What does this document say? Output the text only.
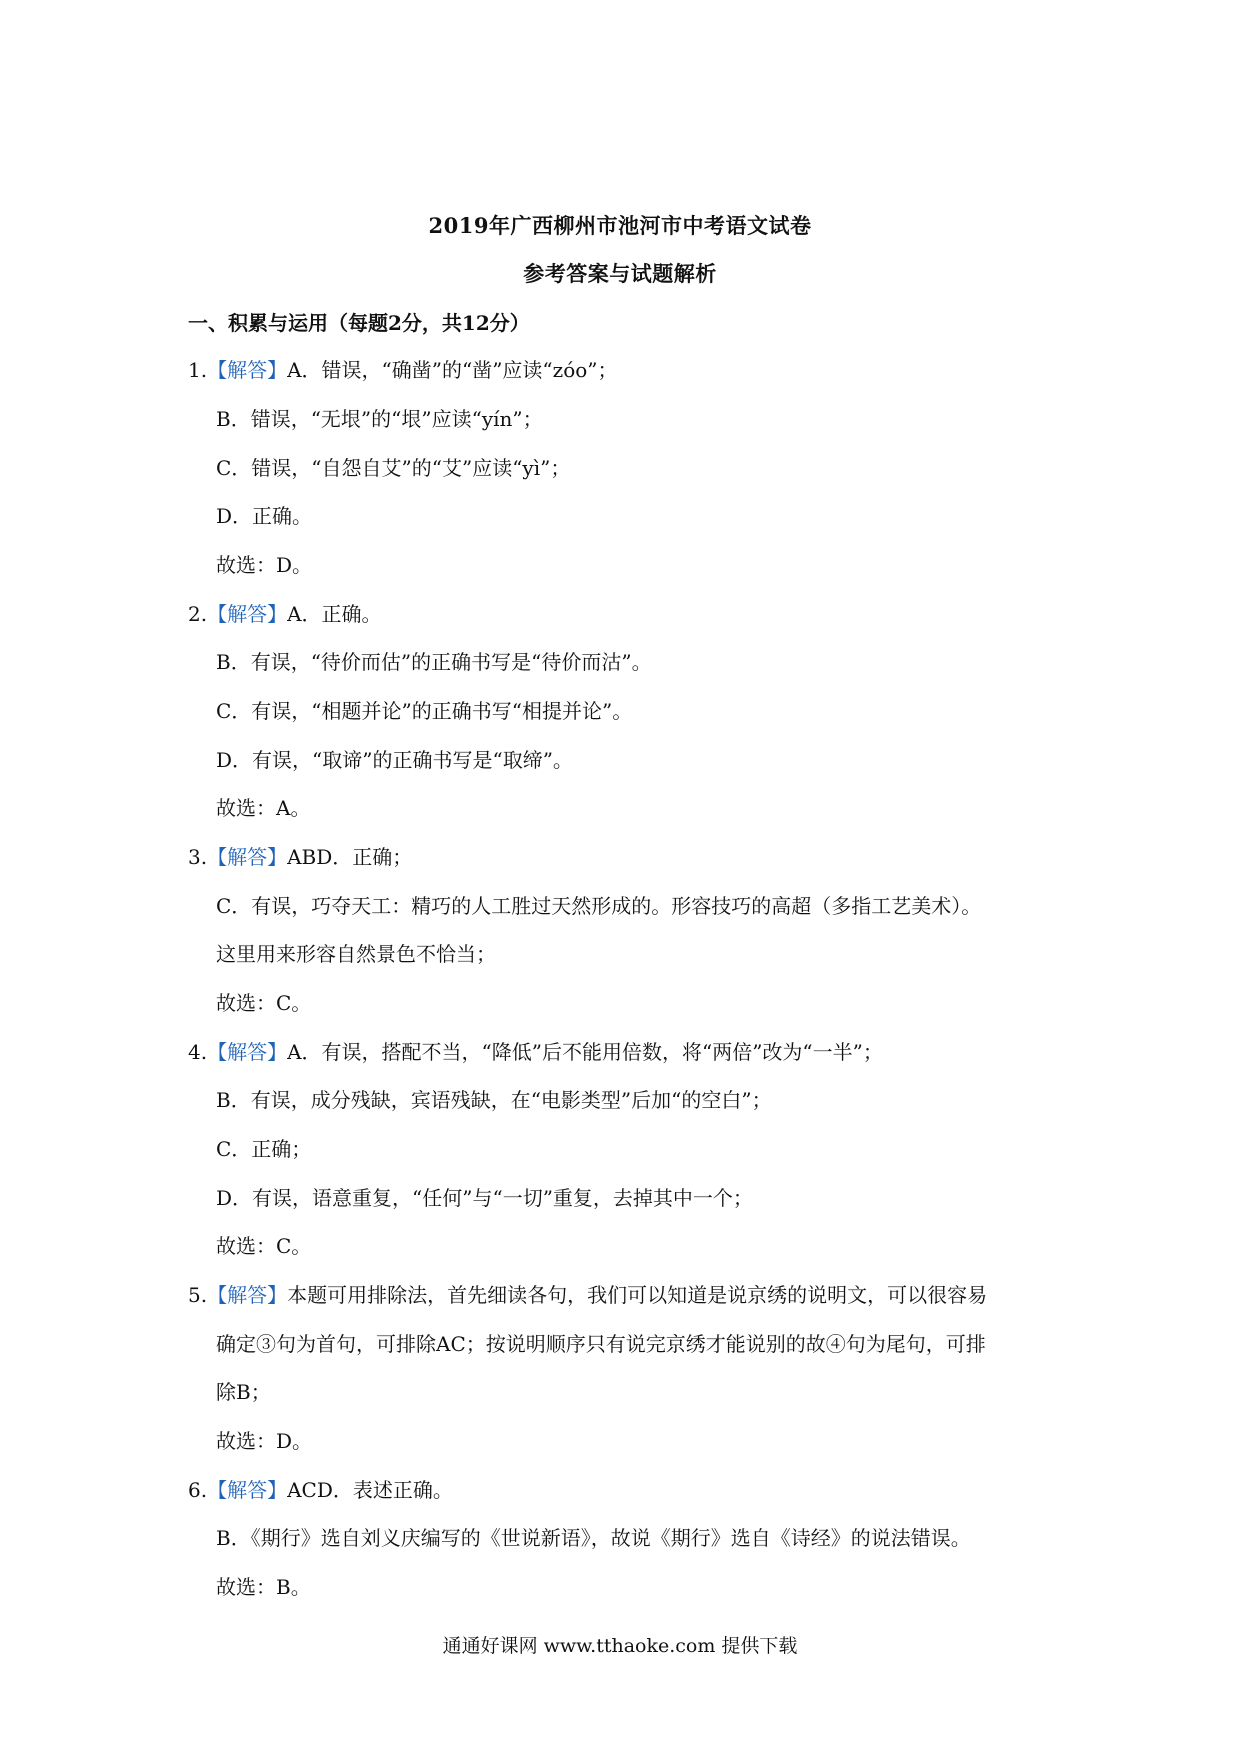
2019年广西柳州市池河市中考语文试卷
参考答案与试题解析
一、积累与运用（每题2分，共12分）
1.【解答】A．错误，“确凿”的“凿”应读“zóo”；
B．错误，“无垠”的“垠”应读“yín”；
C．错误，“自怨自艾”的“艾”应读“yì”；
D．正确。
故选：D。
2.【解答】A．正确。
B．有误，“待价而估”的正确书写是“待价而沽”。
C．有误，“相题并论”的正确书写“相提并论”。
D．有误，“取谛”的正确书写是“取缔”。
故选：A。
3.【解答】ABD．正确；
C．有误，巧夺天工：精巧的人工胜过天然形成的。形容技巧的高超（多指工艺美术）。
这里用来形容自然景色不恰当；
故选：C。
4.【解答】A．有误，搭配不当，“降低”后不能用倍数，将“两倍”改为“一半”；
B．有误，成分残缺，宾语残缺，在“电影类型”后加“的空白”；
C．正确；
D．有误，语意重复，“任何”与“一切”重复，去掉其中一个；
故选：C。
5.【解答】本题可用排除法，首先细读各句，我们可以知道是说京绣的说明文，可以很容易
确定③句为首句，可排除AC；按说明顺序只有说完京绣才能说别的故④句为尾句，可排
除B；
故选：D。
6.【解答】ACD．表述正确。
B．《期行》选自刘义庆编写的《世说新语》，故说《期行》选自《诗经》的说法错误。
故选：B。
通通好课网 www.tthaoke.com 提供下载
